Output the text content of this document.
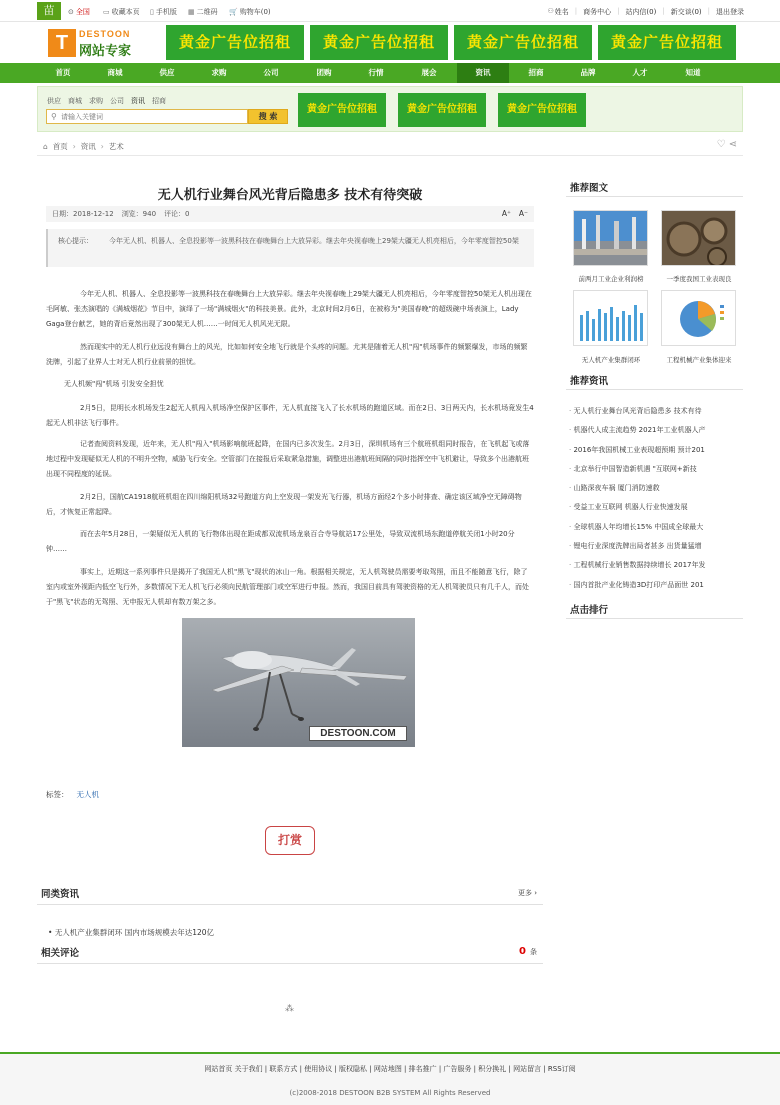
苗	⊙ 全国 ▭ 收藏本页 ▯ 手机版 ▦ 二维码 🛒 购物车(0)	⚇ 姓名 | 商务中心 | 站内信(0) | 新交谈(0) | 退出登录
T	DESTOON
网站专家
黄金广告位招租	黄金广告位招租	黄金广告位招租	黄金广告位招租
首页	商城	供应	求购	公司	团购	行情	展会	资讯	招商	品牌	人才	知道
供应 商城 求购 公司 资讯 招商
⚲
请输入关键词	搜 索
黄金广告位招租	黄金广告位招租	黄金广告位招租
⌂ 首页 › 资讯 › 艺术	♡ ⋖
无人机行业舞台风光背后隐患多 技术有待突破
日期：2018-12-12 浏览：940 评论：0	A⁺ A⁻
核心提示： 今年无人机、机器人、全息投影等一波黑科技在春晚舞台上大放异彩。继去年央视春晚上29架大疆无人机亮相后，今年零度智控50架

今年无人机、机器人、全息投影等一波黑科技在春晚舞台上大放异彩。继去年央视春晚上29架大疆无人机亮相后，今年零度智控50架无人机出现在毛阿敏、张杰演唱的《满城烟花》节目中，演绎了一场"满城烟火"的科技美景。此外，北京时间2月6日，在被称为"美国春晚"的超级碗中场表演上，Lady Gaga登台献艺，她的背后竟然出现了300架无人机……一时间无人机风光无限。

然而现实中的无人机行业远没有舞台上的风光，比如如何安全地飞行就是个头疼的问题。尤其是随着无人机"闯"机场事件的频繁爆发，市场的频繁洗牌，引起了业界人士对无人机行业前景的担忧。

无人机频"闯"机场 引发安全担忧

2月5日，昆明长水机场发生2起无人机闯入机场净空保护区事件，无人机直接飞入了长水机场的跑道区域。而在2日、3日两天内，长水机场竟发生4起无人机非法飞行事件。

记者查阅资料发现，近年来，无人机"闯入"机场影响航班起降，在国内已多次发生。2月3日，深圳机场有三个航班机组同时报告，在飞机起飞或落地过程中发现疑似无人机的不明升空物，威胁飞行安全。空管部门在接报后采取紧急措施，调整进出港航班间隔的同时指挥空中飞机避让，导致多个出港航班出现不同程度的延误。

2月2日，国航CA1918航班机组在四川绵阳机场32号跑道方向上空发现一架发光飞行器，机场方面经2个多小时排查、确定该区域净空无障碍物后，才恢复正常起降。

而在去年5月28日，一架疑似无人机的飞行物体出现在距成都双流机场龙泉百合寺导航站17公里处，导致双流机场东跑道停航关闭1小时20分钟……

事实上，近期这一系列事件只是揭开了我国无人机"黑飞"现状的冰山一角。根据相关规定，无人机驾驶员需要考取驾照，而且不能随意飞行，除了室内或室外视距内低空飞行外，多数情况下无人机飞行必须向民航管理部门或空军进行申报。然而，我国目前具有驾驶资格的无人机驾驶员只有几千人，而处于"黑飞"状态的无驾照、无申报无人机却有数万架之多。

DESTOON.COM
标签： 无人机
打赏
同类资讯	更多 ›
• 无人机产业集群闭环 国内市场规模去年达120亿
相关评论	0 条
⁂
推荐图文
前两月工业企业利润榜	一季度我国工业表现良
无人机产业集群闭环	工程机械产业集体迎来
推荐资讯
· 无人机行业舞台风光背后隐患多 技术有待
· 机器代人成主流趋势 2021年工业机器人产
· 2016年我国机械工业表现超预期 预计201
· 北京举行中国智造新机遇 "互联网+新技
· 山路深夜车祸 厦门消防速救
· 受益工业互联网 机器人行业快速发展
· 全球机器人年均增长15% 中国成全球最大
· 锂电行业深度洗牌出局者甚多 出货量猛增
· 工程机械行业销售数据持续增长 2017年发
· 国内首批产业化铸造3D打印产品面世 201
点击排行
网站首页 关于我们 | 联系方式 | 使用协议 | 版权隐私 | 网站地图 | 排名推广 | 广告服务 | 积分换礼 | 网站留言 | RSS订阅
(c)2008-2018 DESTOON B2B SYSTEM All Rights Reserved
